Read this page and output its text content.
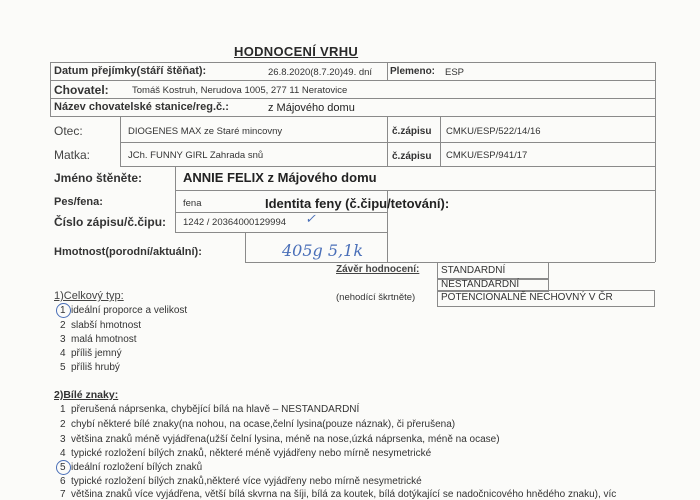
HODNOCENÍ VRHU
Datum přejímky(stáří štěňat):	26.8.2020(8.7.20)49. dní Plemeno: ESP
Chovatel: Tomáš Kostruh, Nerudova 1005, 277 11 Neratovice
Název chovatelské stanice/reg.č.:	z Májového domu
Otec:	DIOGENES MAX ze Staré mincovny	č.zápisu CMKU/ESP/522/14/16
Matka:	JCh. FUNNY GIRL Zahrada snů	č.zápisu CMKU/ESP/941/17
Jméno štěněte:	ANNIE FELIX z Májového domu
Pes/fena:	fena	Identita feny (č.čipu/tetování):
Číslo zápisu/č.čipu: 1242 / 20364000129994 ✓
Hmotnost(porodní/aktuální):	405g 5,1k
Závěr hodnocení:
(nehodící škrtněte)
STANDARDNÍ
NESTANDARDNÍ
POTENCIONALNĚ NECHOVNÝ V ČR
1)Celkový typ:
1 ideální proporce a velikost
2 slabší hmotnost
3 malá hmotnost
4 příliš jemný
5 příliš hrubý
2)Bílé znaky:
1 přerušená náprsenka, chybějící bílá na hlavě – NESTANDARDNÍ
2 chybí některé bílé znaky(na nohou, na ocase,čelní lysina(pouze náznak), či přerušena)
3 většina znaků méně vyjádřena(užší čelní lysina, méně na nose,úzká náprsenka, méně na ocase)
4 typické rozložení bílých znaků, některé méně vyjádřeny nebo mírně nesymetrické
5 ideální rozložení bílých znaků
6 typické rozložení bílých znaků,některé více vyjádřeny nebo mírně nesymetrické
7 většina znaků více vyjádřena, větší bílá skvrna na šíji, bílá za koutek, bílá dotýkající se nadočnicového hnědého znaku), víc
